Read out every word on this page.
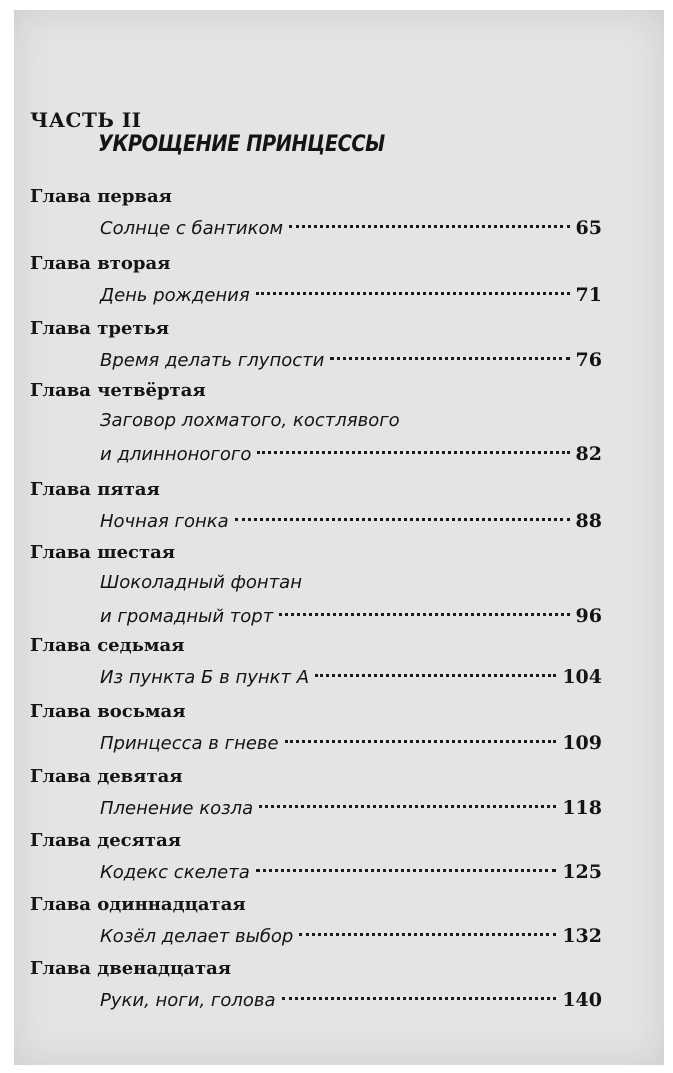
ЧАСТЬ II
УКРОЩЕНИЕ ПРИНЦЕССЫ
Глава первая
Солнце с бантиком	65
Глава вторая
День рождения	71
Глава третья
Время делать глупости	76
Глава четвёртая
Заговор лохматого, костлявого
и длинноногого	82
Глава пятая
Ночная гонка	88
Глава шестая
Шоколадный фонтан
и громадный торт	96
Глава седьмая
Из пункта Б в пункт А	104
Глава восьмая
Принцесса в гневе	109
Глава девятая
Пленение козла	118
Глава десятая
Кодекс скелета	125
Глава одиннадцатая
Козёл делает выбор	132
Глава двенадцатая
Руки, ноги, голова	140
